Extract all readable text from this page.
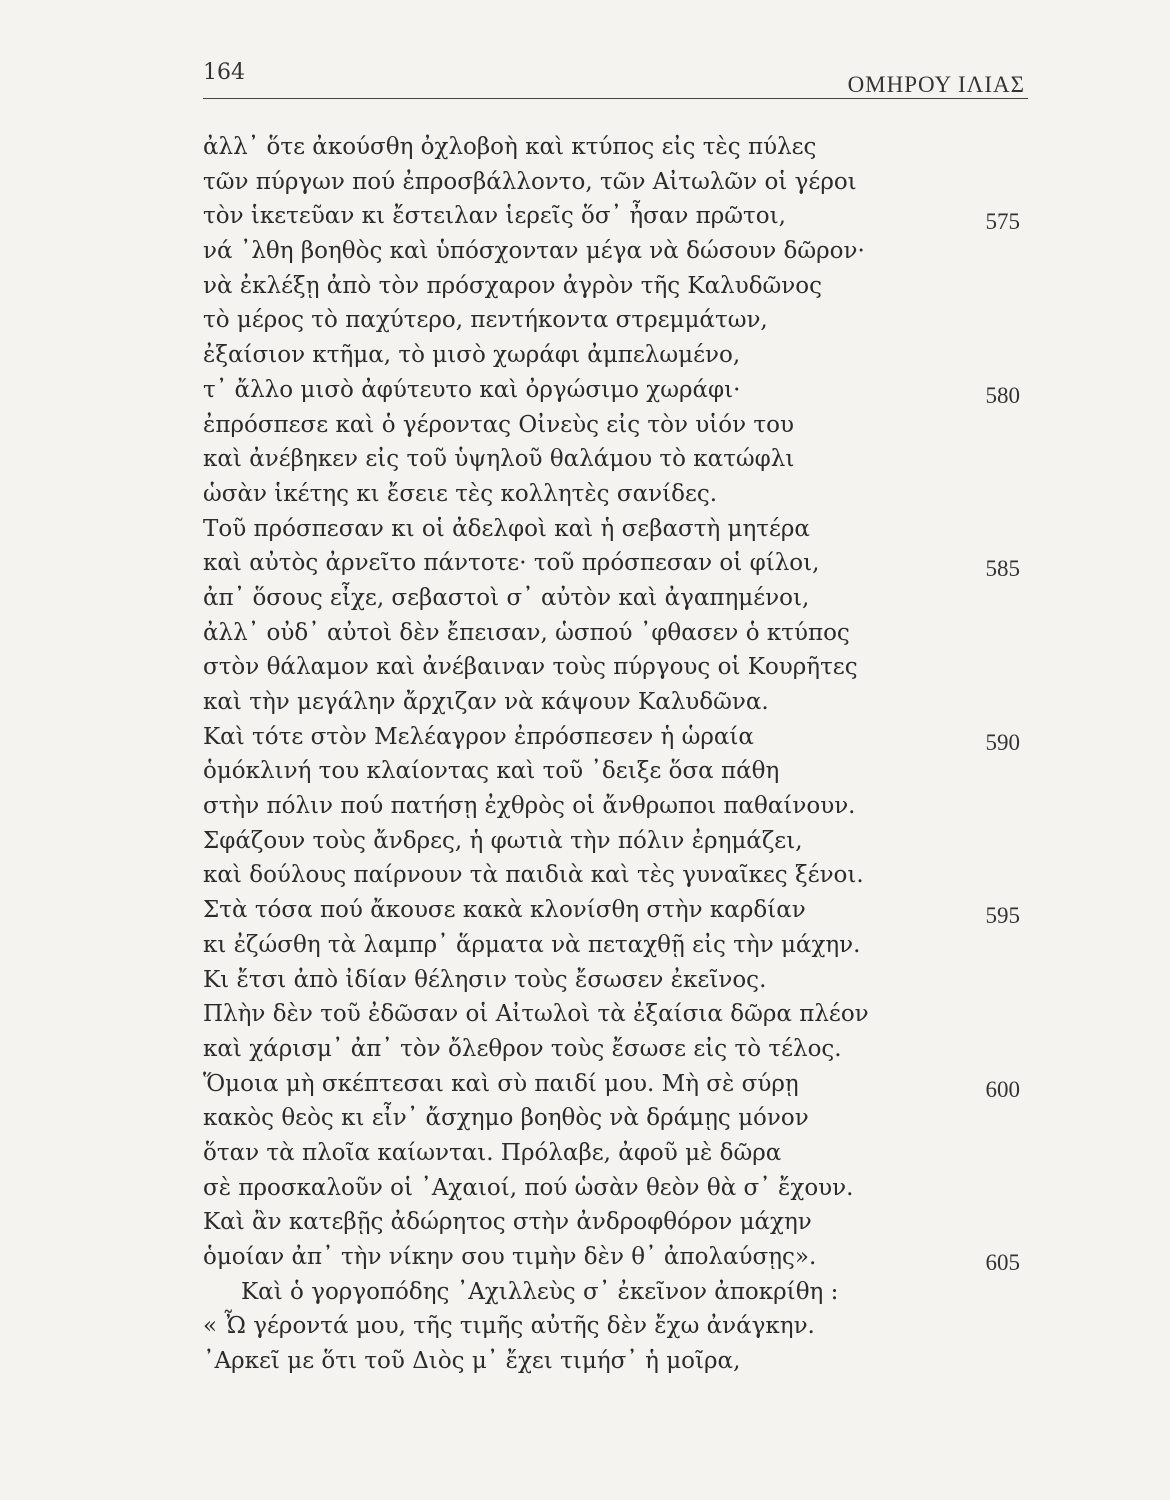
164	ΟΜΗΡΟΥ ΙΛΙΑΣ
ἀλλ᾽ ὅτε ἀκούσθη ὀχλοβοὴ καὶ κτύπος εἰς τὲς πύλες
τῶν πύργων πού ἐπροσβάλλοντο, τῶν Αἰτωλῶν οἱ γέροι
τὸν ἱκετεῦαν κι ἔστειλαν ἱερεῖς ὅσ᾽ ἦσαν πρῶτοι,	575
νά ᾽λθη βοηθὸς καὶ ὑπόσχονταν μέγα νὰ δώσουν δῶρον·
νὰ ἐκλέξῃ ἀπὸ τὸν πρόσχαρον ἀγρὸν τῆς Καλυδῶνος
τὸ μέρος τὸ παχύτερο, πεντήκοντα στρεμμάτων,
ἐξαίσιον κτῆμα, τὸ μισὸ χωράφι ἀμπελωμένο,
τ᾽ ἄλλο μισὸ ἀφύτευτο καὶ ὀργώσιμο χωράφι·	580
ἐπρόσπεσε καὶ ὁ γέροντας Οἰνεὺς εἰς τὸν υἱόν του
καὶ ἀνέβηκεν εἰς τοῦ ὑψηλοῦ θαλάμου τὸ κατώφλι
ὡσὰν ἱκέτης κι ἔσειε τὲς κολλητὲς σανίδες.
Τοῦ πρόσπεσαν κι οἱ ἀδελφοὶ καὶ ἡ σεβαστὴ μητέρα
καὶ αὐτὸς ἀρνεῖτο πάντοτε· τοῦ πρόσπεσαν οἱ φίλοι,	585
ἀπ᾽ ὅσους εἶχε, σεβαστοὶ σ᾽ αὐτὸν καὶ ἀγαπημένοι,
ἀλλ᾽ οὐδ᾽ αὐτοὶ δὲν ἔπεισαν, ὡσπού ᾽φθασεν ὁ κτύπος
στὸν θάλαμον καὶ ἀνέβαιναν τοὺς πύργους οἱ Κουρῆτες
καὶ τὴν μεγάλην ἄρχιζαν νὰ κάψουν Καλυδῶνα.
Καὶ τότε στὸν Μελέαγρον ἐπρόσπεσεν ἡ ὡραία	590
ὁμόκλινή του κλαίοντας καὶ τοῦ ᾽δειξε ὅσα πάθη
στὴν πόλιν πού πατήσῃ ἐχθρὸς οἱ ἄνθρωποι παθαίνουν.
Σφάζουν τοὺς ἄνδρες, ἡ φωτιὰ τὴν πόλιν ἐρημάζει,
καὶ δούλους παίρνουν τὰ παιδιὰ καὶ τὲς γυναῖκες ξένοι.
Στὰ τόσα πού ἄκουσε κακὰ κλονίσθη στὴν καρδίαν	595
κι ἐζώσθη τὰ λαμπρ᾽ ἅρματα νὰ πεταχθῇ εἰς τὴν μάχην.
Κι ἔτσι ἀπὸ ἰδίαν θέλησιν τοὺς ἔσωσεν ἐκεῖνος.
Πλὴν δὲν τοῦ ἐδῶσαν οἱ Αἰτωλοὶ τὰ ἐξαίσια δῶρα πλέον
καὶ χάρισμ᾽ ἀπ᾽ τὸν ὄλεθρον τοὺς ἔσωσε εἰς τὸ τέλος.
Ὅμοια μὴ σκέπτεσαι καὶ σὺ παιδί μου. Μὴ σὲ σύρῃ	600
κακὸς θεὸς κι εἶν᾽ ἄσχημο βοηθὸς νὰ δράμῃς μόνον
ὅταν τὰ πλοῖα καίωνται. Πρόλαβε, ἀφοῦ μὲ δῶρα
σὲ προσκαλοῦν οἱ ᾽Αχαιοί, πού ὡσὰν θεὸν θὰ σ᾽ ἔχουν.
Καὶ ἂν κατεβῇς ἀδώρητος στὴν ἀνδροφθόρον μάχην
ὁμοίαν ἀπ᾽ τὴν νίκην σου τιμὴν δὲν θ᾽ ἀπολαύσῃς».	605
Καὶ ὁ γοργοπόδης ᾽Αχιλλεὺς σ᾽ ἐκεῖνον ἀποκρίθη :
« Ὦ γέροντά μου, τῆς τιμῆς αὐτῆς δὲν ἔχω ἀνάγκην.
᾽Αρκεῖ με ὅτι τοῦ Διὸς μ᾽ ἔχει τιμήσ᾽ ἡ μοῖρα,
